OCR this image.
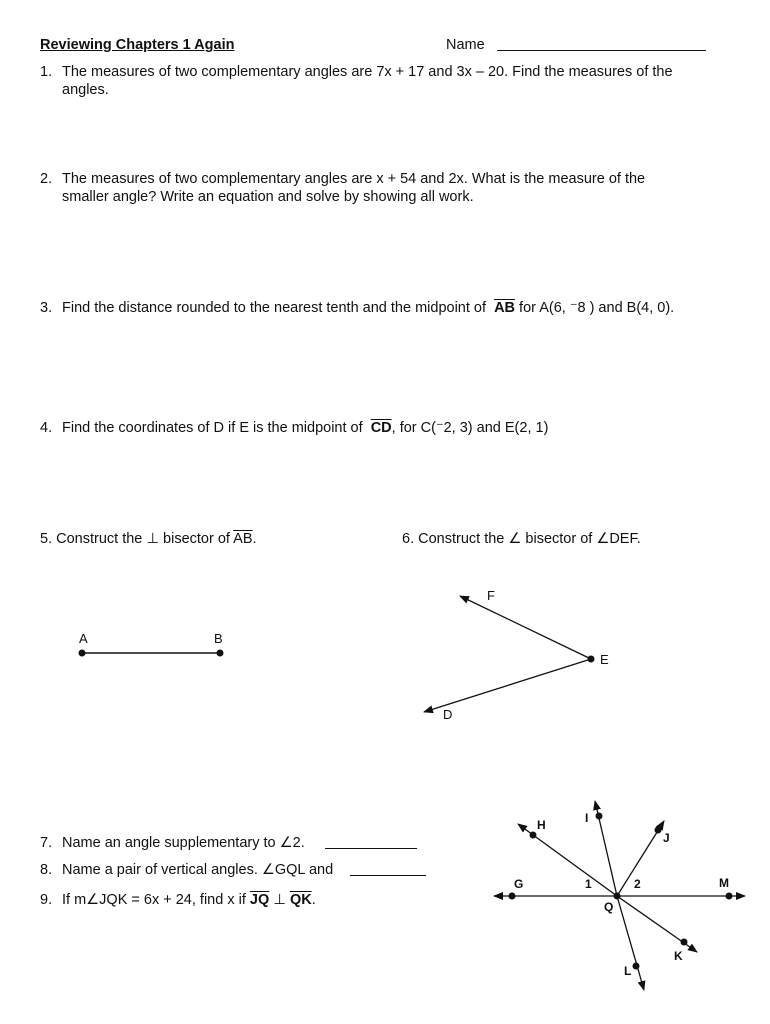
Reviewing Chapters 1 Again	Name
1. The measures of two complementary angles are 7x + 17 and 3x – 20. Find the measures of the
angles.
2. The measures of two complementary angles are x + 54 and 2x. What is the measure of the
smaller angle? Write an equation and solve by showing all work.
3. Find the distance rounded to the nearest tenth and the midpoint of $\overline{AB}$ for A(6, ⁻8 ) and B(4, 0).
4. Find the coordinates of D if E is the midpoint of $\overline{CD}$, for C(⁻2, 3) and E(2, 1)
5. Construct the ⊥ bisector of $\overline{AB}$.	6. Construct the ∠ bisector of ∠DEF.
7. Name an angle supplementary to ∠2.
8. Name a pair of vertical angles. ∠GQL and
9. If m∠JQK = 6x + 24, find x if $\overline{JQ}$ ⊥ $\overline{QK}$.
A	B
F
E
D
H	I
J
G	M
1	2
Q
K
L
